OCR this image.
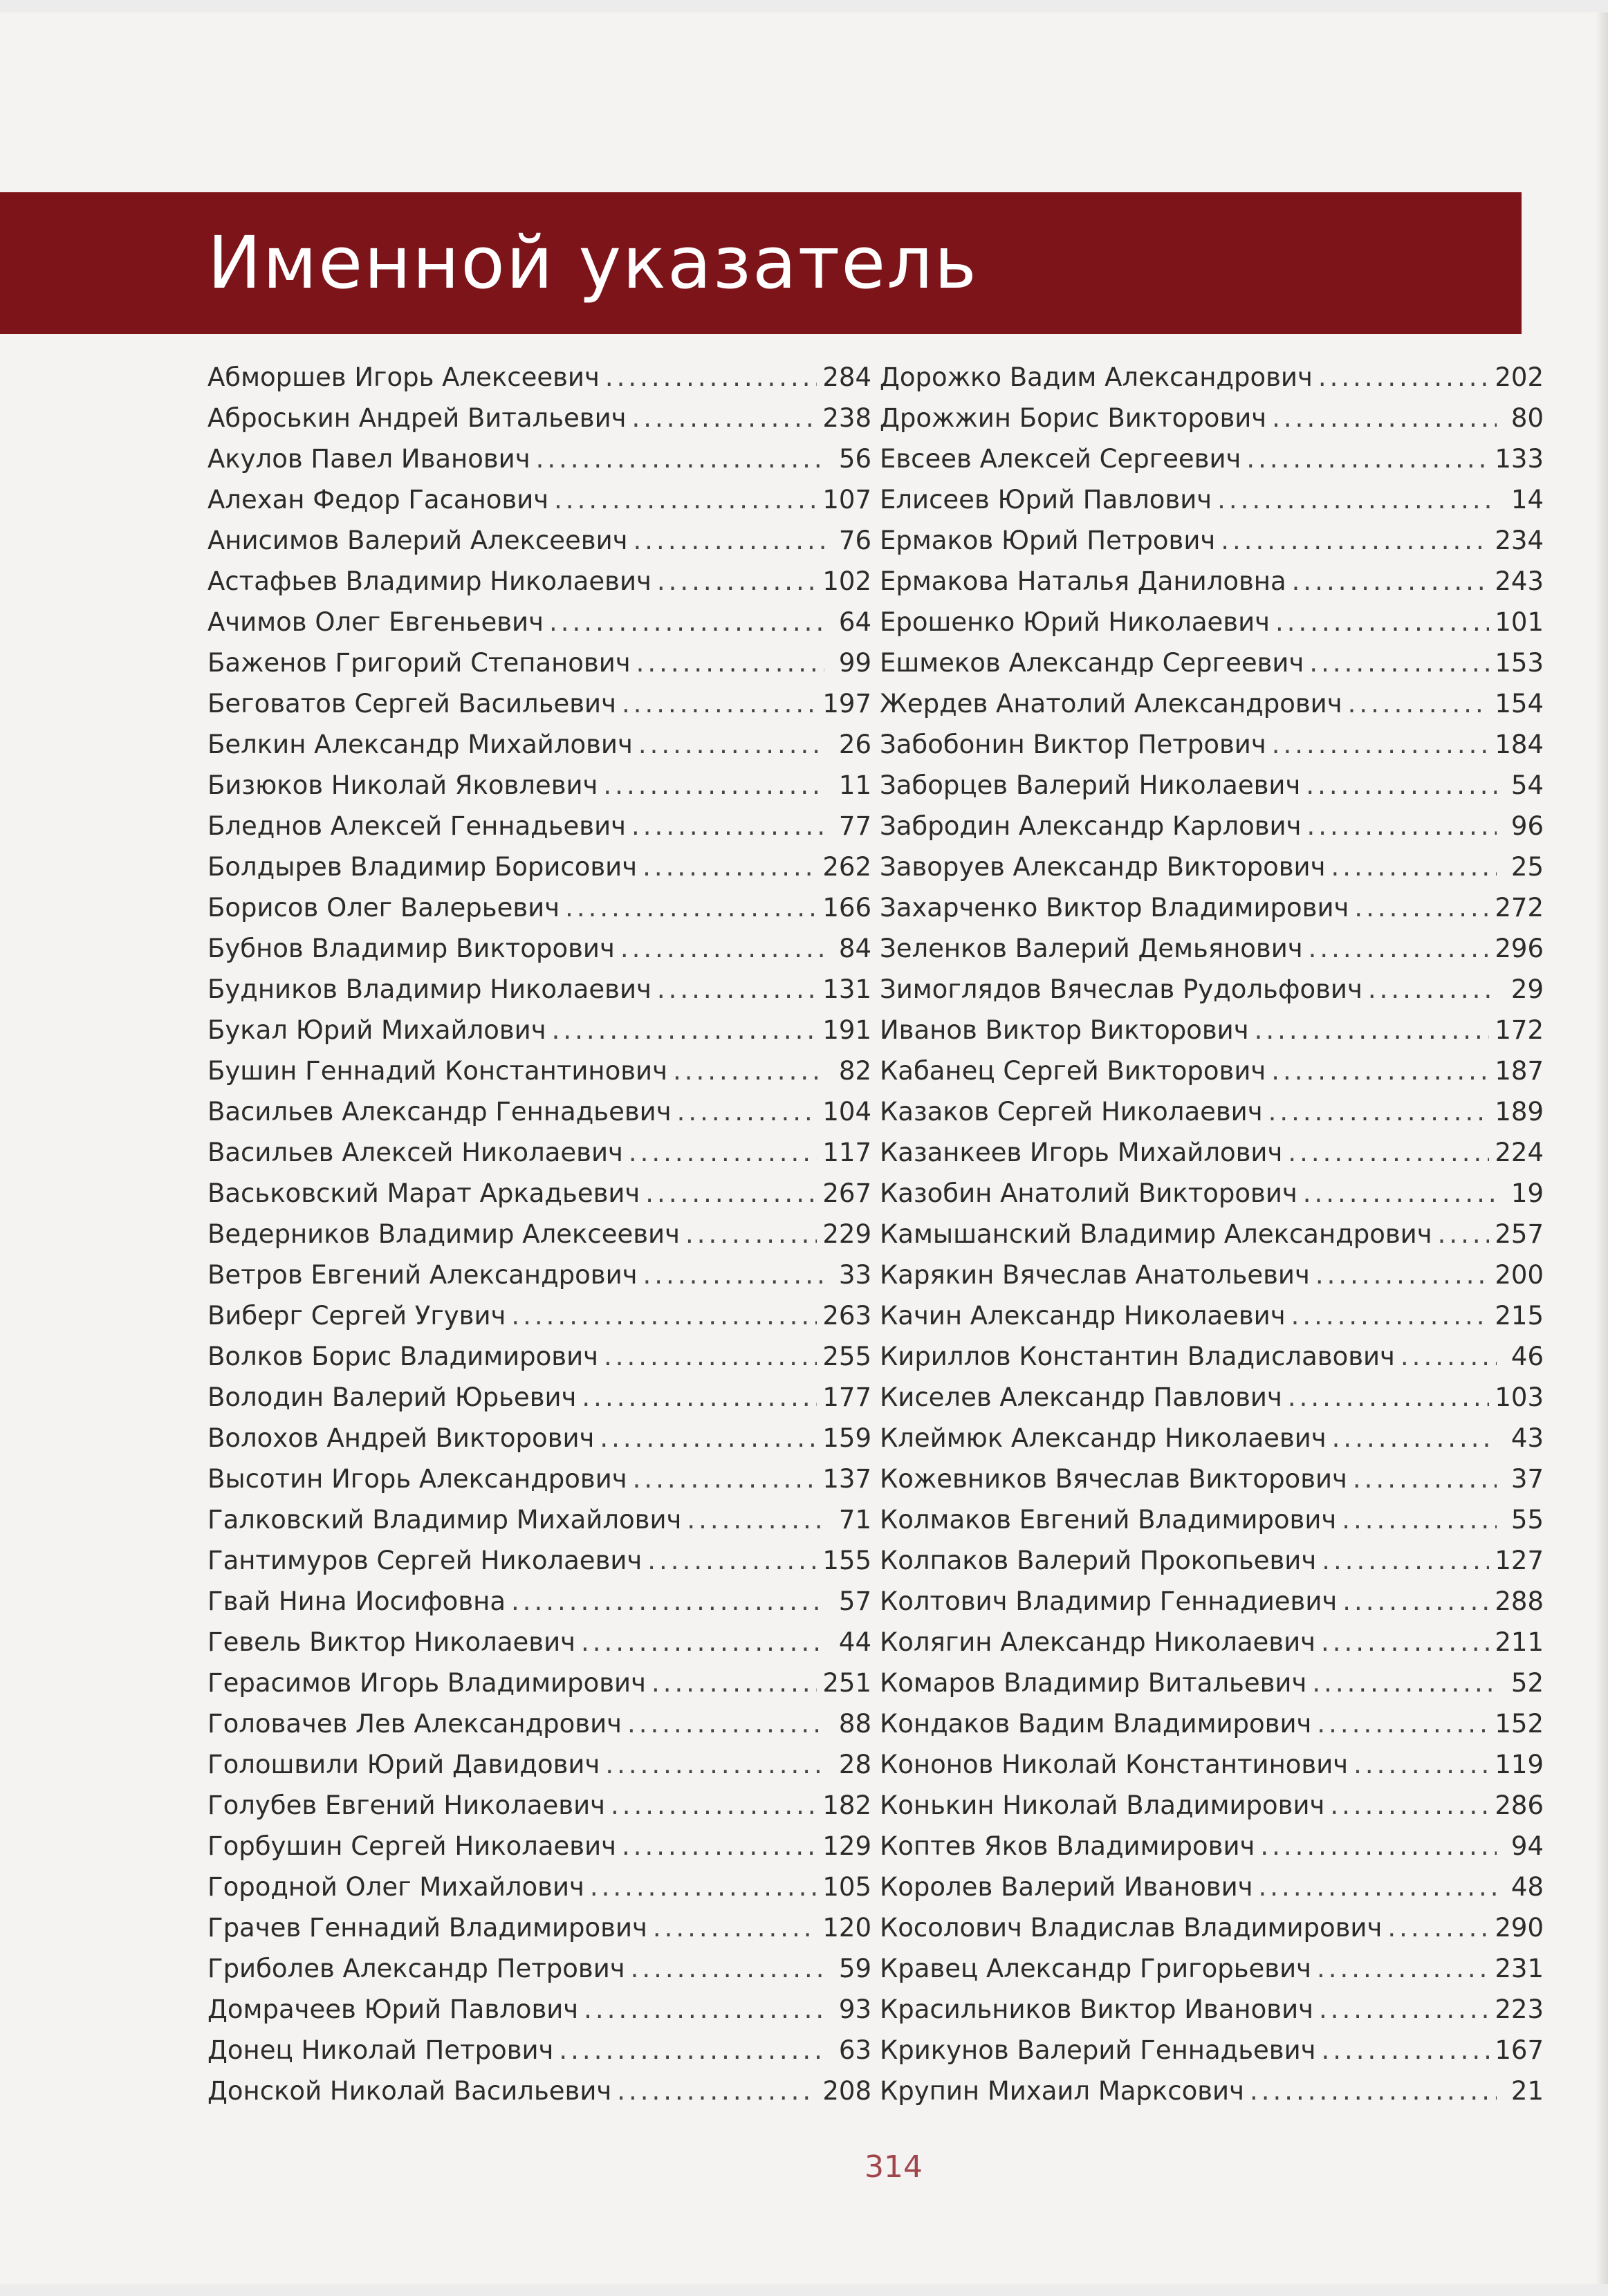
Именной указатель
Абморшев Игорь Алексеевич .....	284
Аброськин Андрей Витальевич .....	238
Акулов Павел Иванович .....	56
Алехан Федор Гасанович .....	107
Анисимов Валерий Алексеевич .....	76
Астафьев Владимир Николаевич .....	102
Ачимов Олег Евгеньевич .....	64
Баженов Григорий Степанович .....	99
Беговатов Сергей Васильевич .....	197
Белкин Александр Михайлович .....	26
Бизюков Николай Яковлевич .....	11
Бледнов Алексей Геннадьевич .....	77
Болдырев Владимир Борисович .....	262
Борисов Олег Валерьевич .....	166
Бубнов Владимир Викторович .....	84
Будников Владимир Николаевич .....	131
Букал Юрий Михайлович .....	191
Бушин Геннадий Константинович .....	82
Васильев Александр Геннадьевич .....	104
Васильев Алексей Николаевич .....	117
Васьковский Марат Аркадьевич .....	267
Ведерников Владимир Алексеевич .....	229
Ветров Евгений Александрович .....	33
Виберг Сергей Угувич .....	263
Волков Борис Владимирович .....	255
Володин Валерий Юрьевич .....	177
Волохов Андрей Викторович .....	159
Высотин Игорь Александрович .....	137
Галковский Владимир Михайлович .....	71
Гантимуров Сергей Николаевич .....	155
Гвай Нина Иосифовна .....	57
Гевель Виктор Николаевич .....	44
Герасимов Игорь Владимирович .....	251
Головачев Лев Александрович .....	88
Голошвили Юрий Давидович .....	28
Голубев Евгений Николаевич .....	182
Горбушин Сергей Николаевич .....	129
Городной Олег Михайлович .....	105
Грачев Геннадий Владимирович .....	120
Гриболев Александр Петрович .....	59
Домрачеев Юрий Павлович .....	93
Донец Николай Петрович .....	63
Донской Николай Васильевич .....	208
Дорожко Вадим Александрович .....	202
Дрожжин Борис Викторович .....	80
Евсеев Алексей Сергеевич .....	133
Елисеев Юрий Павлович .....	14
Ермаков Юрий Петрович .....	234
Ермакова Наталья Даниловна .....	243
Ерошенко Юрий Николаевич .....	101
Ешмеков Александр Сергеевич .....	153
Жердев Анатолий Александрович .....	154
Забобонин Виктор Петрович .....	184
Заборцев Валерий Николаевич .....	54
Забродин Александр Карлович .....	96
Заворуев Александр Викторович .....	25
Захарченко Виктор Владимирович .....	272
Зеленков Валерий Демьянович .....	296
Зимоглядов Вячеслав Рудольфович .....	29
Иванов Виктор Викторович .....	172
Кабанец Сергей Викторович .....	187
Казаков Сергей Николаевич .....	189
Казанкеев Игорь Михайлович .....	224
Казобин Анатолий Викторович .....	19
Камышанский Владимир Александрович ..... 257
Карякин Вячеслав Анатольевич .....	200
Качин Александр Николаевич .....	215
Кириллов Константин Владиславович .....	46
Киселев Александр Павлович .....	103
Клеймюк Александр Николаевич .....	43
Кожевников Вячеслав Викторович .....	37
Колмаков Евгений Владимирович .....	55
Колпаков Валерий Прокопьевич .....	127
Колтович Владимир Геннадиевич .....	288
Колягин Александр Николаевич .....	211
Комаров Владимир Витальевич .....	52
Кондаков Вадим Владимирович .....	152
Кононов Николай Константинович .....	119
Конькин Николай Владимирович .....	286
Коптев Яков Владимирович .....	94
Королев Валерий Иванович .....	48
Косолович Владислав Владимирович .....	290
Кравец Александр Григорьевич .....	231
Красильников Виктор Иванович .....	223
Крикунов Валерий Геннадьевич .....	167
Крупин Михаил Марксович .....	21
314
